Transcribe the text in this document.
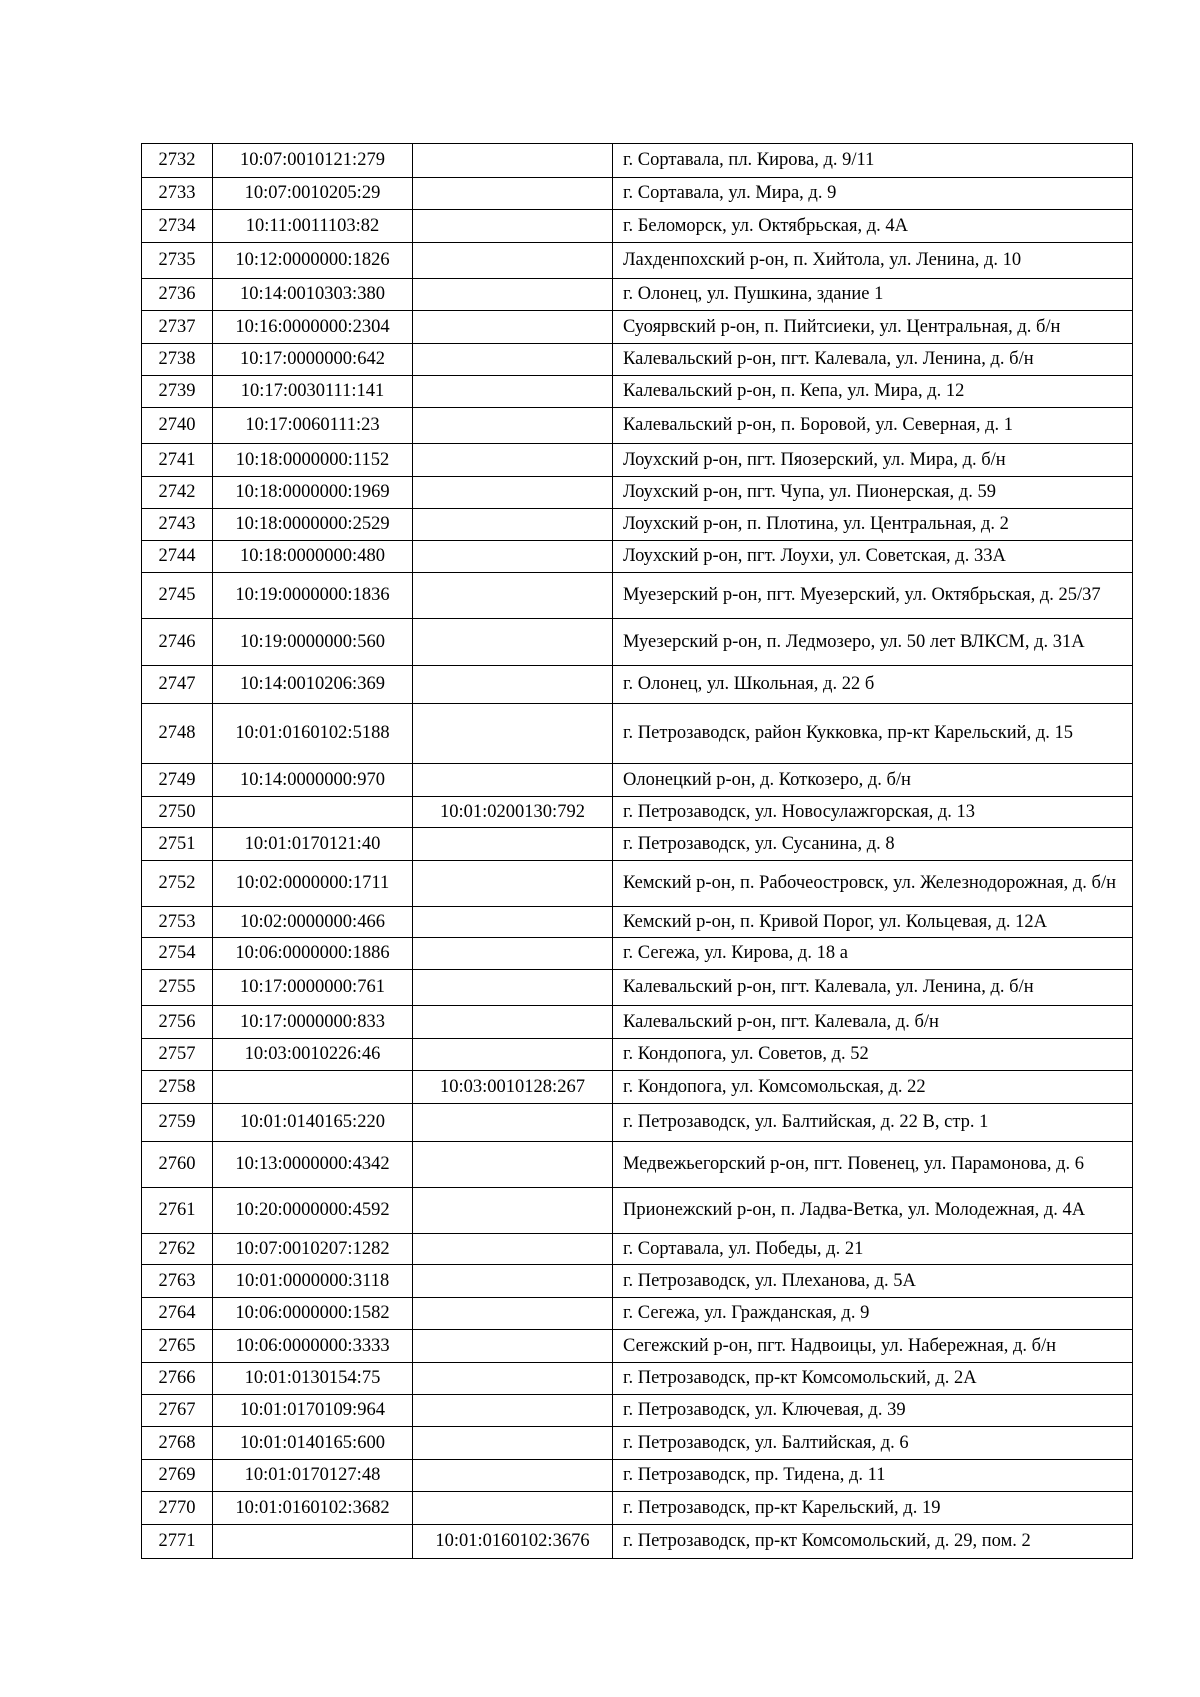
2732	10:07:0010121:279		г. Сортавала, пл. Кирова, д. 9/11
2733	10:07:0010205:29		г. Сортавала, ул. Мира, д. 9
2734	10:11:0011103:82		г. Беломорск, ул. Октябрьская, д. 4А
2735	10:12:0000000:1826		Лахденпохский р-он, п. Хийтола, ул. Ленина, д. 10
2736	10:14:0010303:380		г. Олонец, ул. Пушкина, здание 1
2737	10:16:0000000:2304		Суоярвский р-он, п. Пийтсиеки, ул. Центральная, д. б/н
2738	10:17:0000000:642		Калевальский р-он, пгт. Калевала, ул. Ленина, д. б/н
2739	10:17:0030111:141		Калевальский р-он, п. Кепа, ул. Мира, д. 12
2740	10:17:0060111:23		Калевальский р-он, п. Боровой, ул. Северная, д. 1
2741	10:18:0000000:1152		Лоухский р-он, пгт. Пяозерский, ул. Мира, д. б/н
2742	10:18:0000000:1969		Лоухский р-он, пгт. Чупа, ул. Пионерская, д. 59
2743	10:18:0000000:2529		Лоухский р-он, п. Плотина, ул. Центральная, д. 2
2744	10:18:0000000:480		Лоухский р-он, пгт. Лоухи, ул. Советская, д. 33А
2745	10:19:0000000:1836		Муезерский р-он, пгт. Муезерский, ул. Октябрьская, д. 25/37
2746	10:19:0000000:560		Муезерский р-он, п. Ледмозеро, ул. 50 лет ВЛКСМ, д. 31А
2747	10:14:0010206:369		г. Олонец, ул. Школьная, д. 22 б
2748	10:01:0160102:5188		г. Петрозаводск, район Кукковка, пр-кт Карельский, д. 15
2749	10:14:0000000:970		Олонецкий р-он, д. Коткозеро, д. б/н
2750		10:01:0200130:792	г. Петрозаводск, ул. Новосулажгорская, д. 13
2751	10:01:0170121:40		г. Петрозаводск, ул. Сусанина, д. 8
2752	10:02:0000000:1711		Кемский р-он, п. Рабочеостровск, ул. Железнодорожная, д. б/н
2753	10:02:0000000:466		Кемский р-он, п. Кривой Порог, ул. Кольцевая, д. 12А
2754	10:06:0000000:1886		г. Сегежа, ул. Кирова, д. 18 а
2755	10:17:0000000:761		Калевальский р-он, пгт. Калевала, ул. Ленина, д. б/н
2756	10:17:0000000:833		Калевальский р-он, пгт. Калевала, д. б/н
2757	10:03:0010226:46		г. Кондопога, ул. Советов, д. 52
2758		10:03:0010128:267	г. Кондопога, ул. Комсомольская, д. 22
2759	10:01:0140165:220		г. Петрозаводск, ул. Балтийская, д. 22 В, стр. 1
2760	10:13:0000000:4342		Медвежьегорский р-он, пгт. Повенец, ул. Парамонова, д. 6
2761	10:20:0000000:4592		Прионежский р-он, п. Ладва-Ветка, ул. Молодежная, д. 4А
2762	10:07:0010207:1282		г. Сортавала, ул. Победы, д. 21
2763	10:01:0000000:3118		г. Петрозаводск, ул. Плеханова, д. 5А
2764	10:06:0000000:1582		г. Сегежа, ул. Гражданская, д. 9
2765	10:06:0000000:3333		Сегежский р-он, пгт. Надвоицы, ул. Набережная, д. б/н
2766	10:01:0130154:75		г. Петрозаводск, пр-кт Комсомольский, д. 2А
2767	10:01:0170109:964		г. Петрозаводск, ул. Ключевая, д. 39
2768	10:01:0140165:600		г. Петрозаводск, ул. Балтийская, д. 6
2769	10:01:0170127:48		г. Петрозаводск, пр. Тидена, д. 11
2770	10:01:0160102:3682		г. Петрозаводск, пр-кт Карельский, д. 19
2771		10:01:0160102:3676	г. Петрозаводск, пр-кт Комсомольский, д. 29, пом. 2
